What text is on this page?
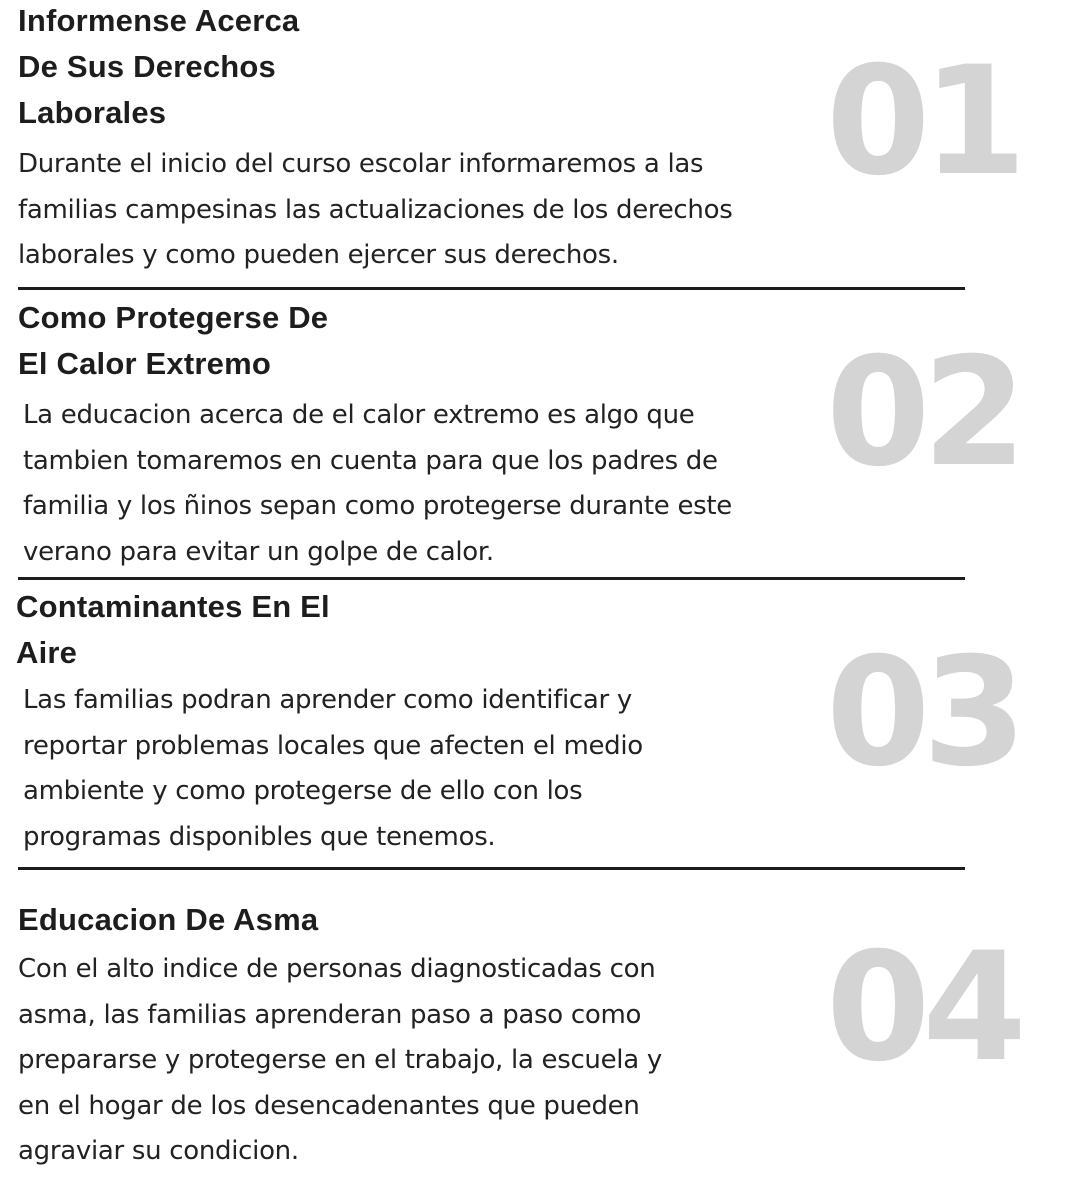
Informense Acerca
De Sus Derechos
Laborales	01
Durante el inicio del curso escolar informaremos a las
familias campesinas las actualizaciones de los derechos
laborales y como pueden ejercer sus derechos.
Como Protegerse De
El Calor Extremo	02
La educacion acerca de el calor extremo es algo que
tambien tomaremos en cuenta para que los padres de
familia y los ñinos sepan como protegerse durante este
verano para evitar un golpe de calor.
Contaminantes En El
Aire	03
Las familias podran aprender como identificar y
reportar problemas locales que afecten el medio
ambiente y como protegerse de ello con los
programas disponibles que tenemos.
Educacion De Asma
04
Con el alto indice de personas diagnosticadas con
asma, las familias aprenderan paso a paso como
prepararse y protegerse en el trabajo, la escuela y
en el hogar de los desencadenantes que pueden
agraviar su condicion.
